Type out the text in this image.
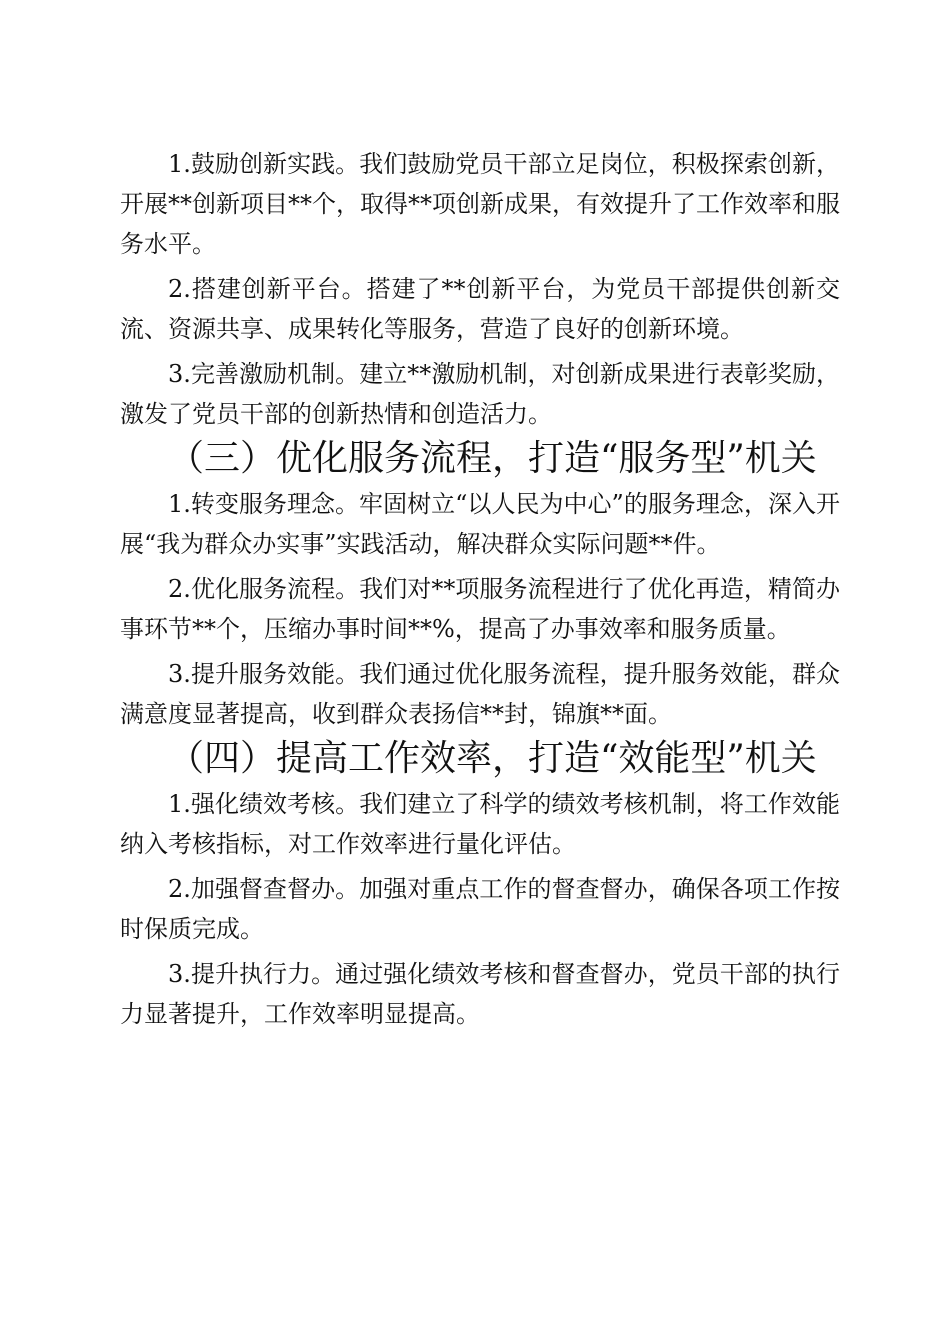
1.鼓励创新实践。我们鼓励党员干部立足岗位，积极探索创新，开展**创新项目**个，取得**项创新成果，有效提升了工作效率和服务水平。

2.搭建创新平台。搭建了**创新平台，为党员干部提供创新交流、资源共享、成果转化等服务，营造了良好的创新环境。

3.完善激励机制。建立**激励机制，对创新成果进行表彰奖励，激发了党员干部的创新热情和创造活力。

（三）优化服务流程，打造“服务型”机关

1.转变服务理念。牢固树立“以人民为中心”的服务理念，深入开展“我为群众办实事”实践活动，解决群众实际问题**件。

2.优化服务流程。我们对**项服务流程进行了优化再造，精简办事环节**个，压缩办事时间**%，提高了办事效率和服务质量。

3.提升服务效能。我们通过优化服务流程，提升服务效能，群众满意度显著提高，收到群众表扬信**封，锦旗**面。

（四）提高工作效率，打造“效能型”机关

1.强化绩效考核。我们建立了科学的绩效考核机制，将工作效能纳入考核指标，对工作效率进行量化评估。

2.加强督查督办。加强对重点工作的督查督办，确保各项工作按时保质完成。

3.提升执行力。通过强化绩效考核和督查督办，党员干部的执行力显著提升，工作效率明显提高。
